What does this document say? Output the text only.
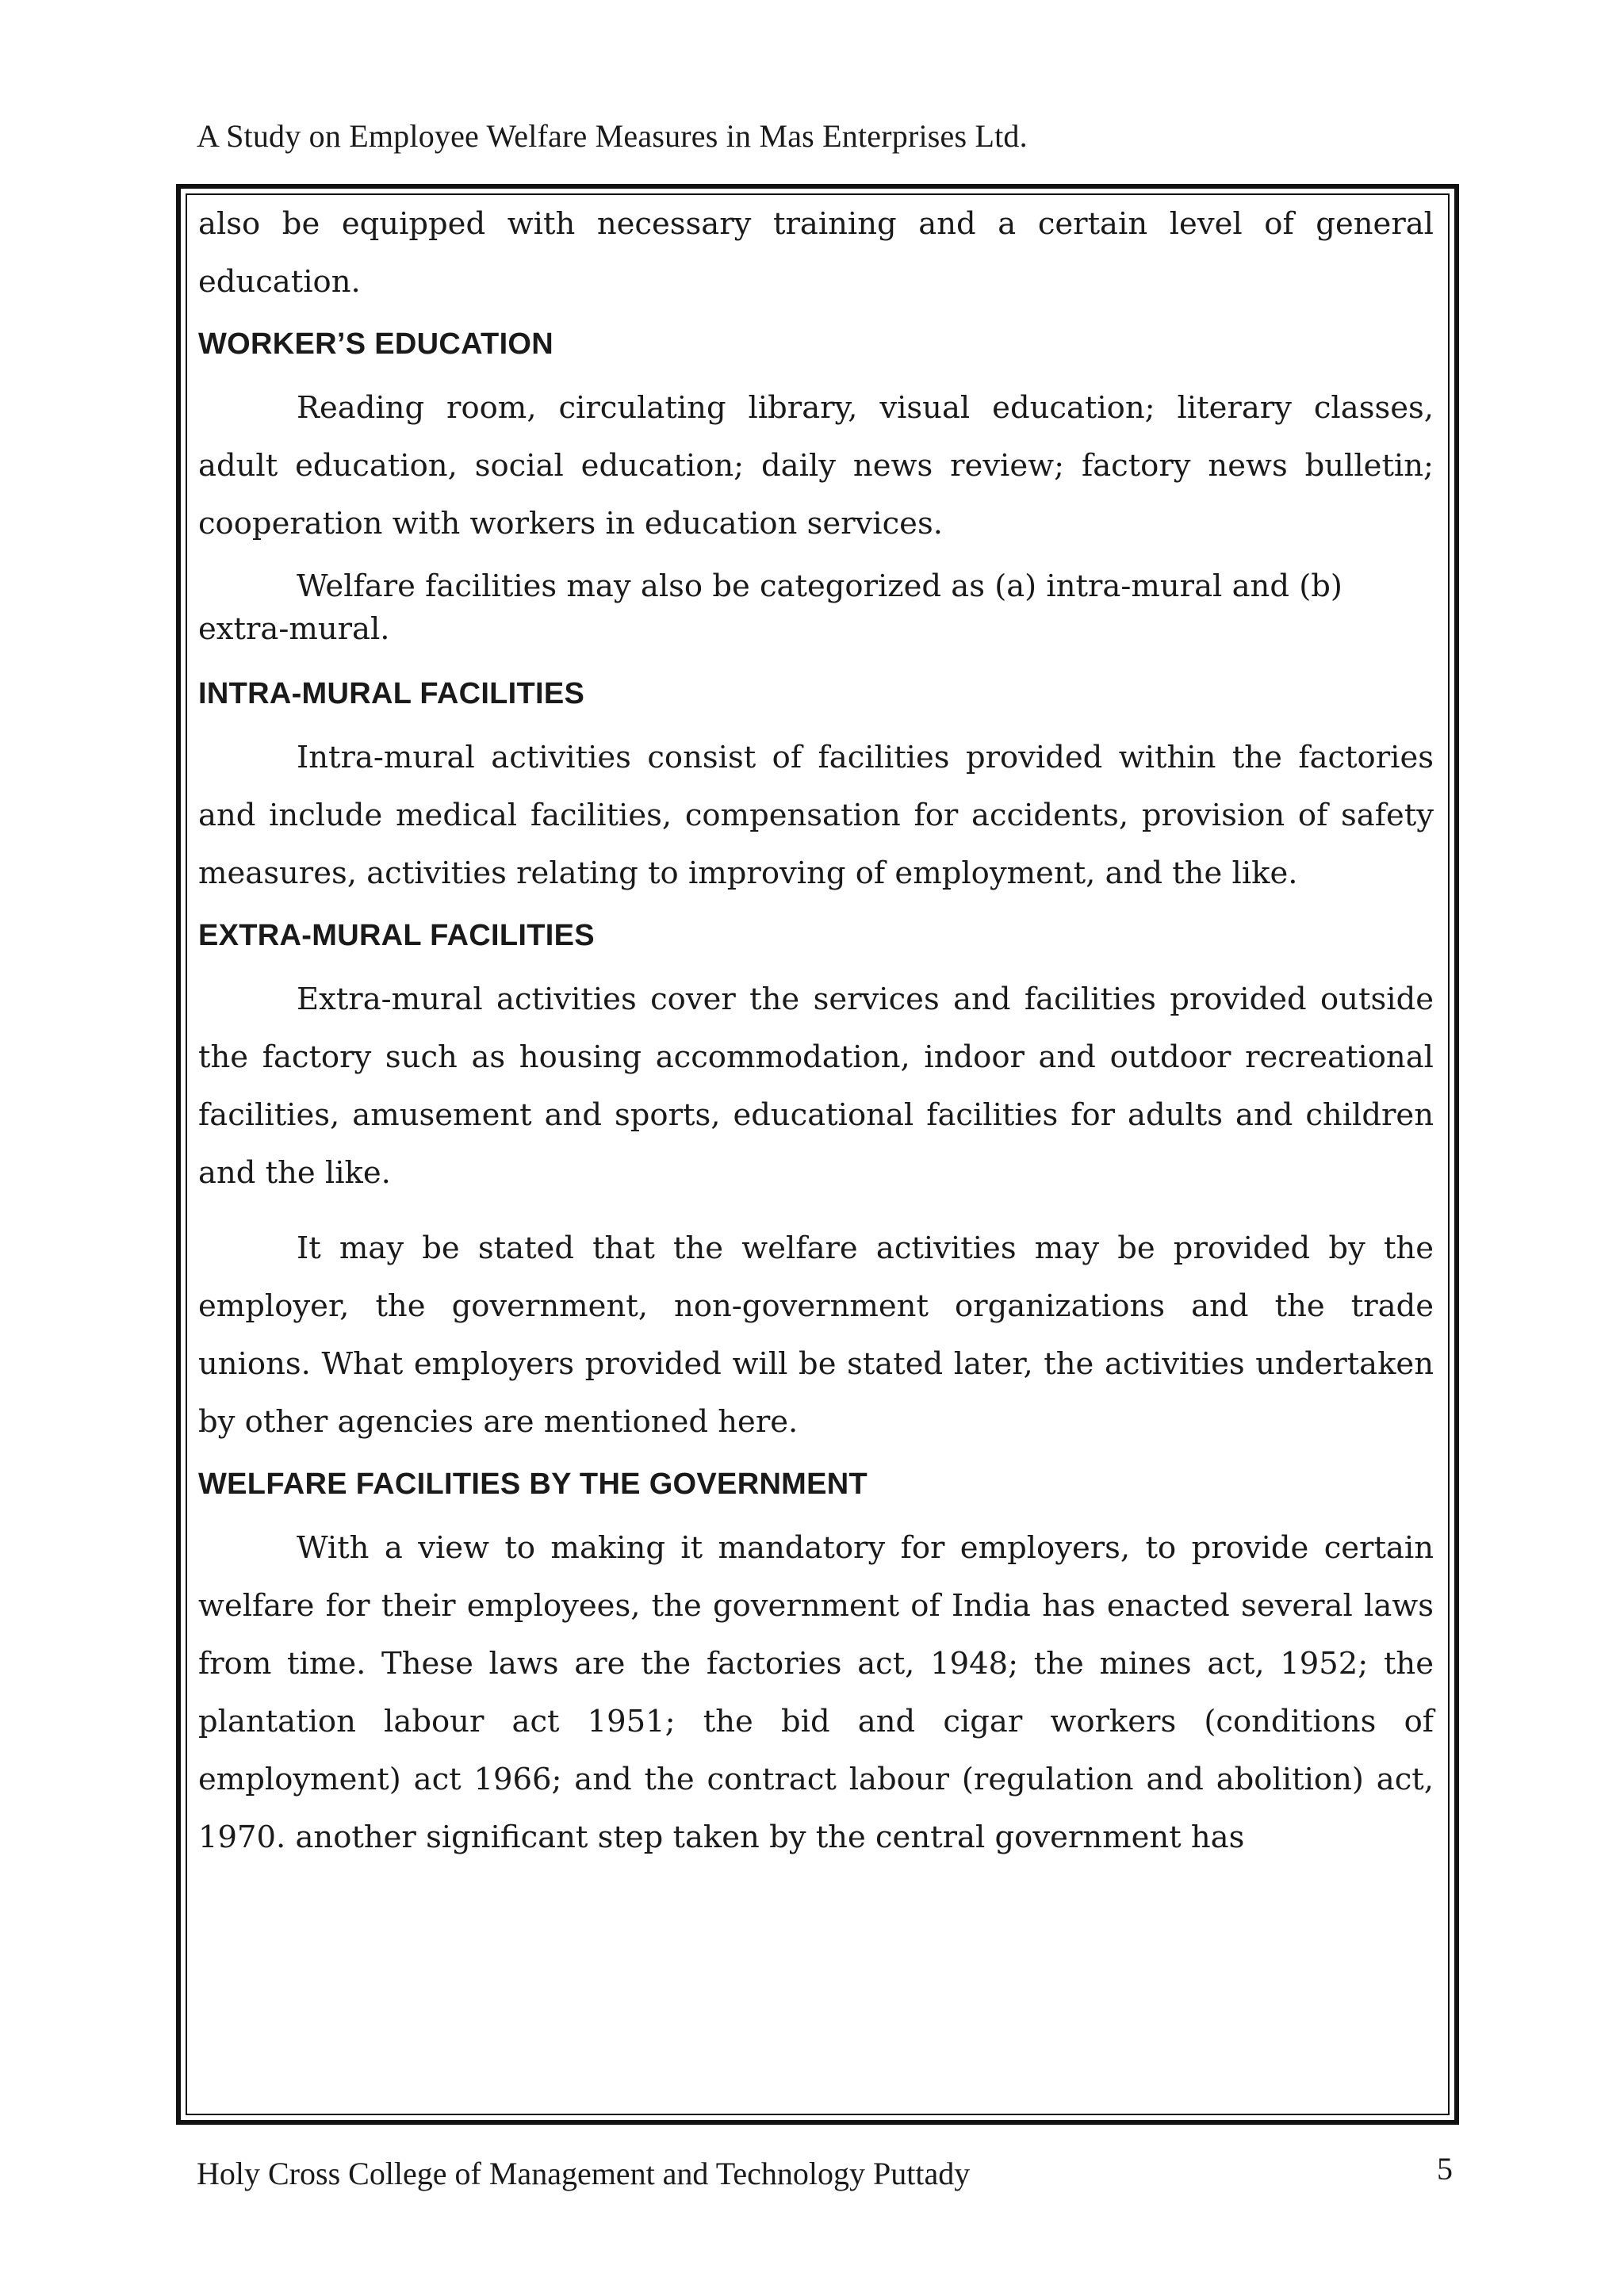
A Study on Employee Welfare Measures in Mas Enterprises Ltd.

also be equipped with necessary training and a certain level of general education.

WORKER’S EDUCATION

Reading room, circulating library, visual education; literary classes, adult education, social education; daily news review; factory news bulletin; cooperation with workers in education services.

Welfare facilities may also be categorized as (a) intra-mural and (b) extra-mural.

INTRA-MURAL FACILITIES

Intra-mural activities consist of facilities provided within the factories and include medical facilities, compensation for accidents, provision of safety measures, activities relating to improving of employment, and the like.

EXTRA-MURAL FACILITIES

Extra-mural activities cover the services and facilities provided outside the factory such as housing accommodation, indoor and outdoor recreational facilities, amusement and sports, educational facilities for adults and children and the like.

It may be stated that the welfare activities may be provided by the employer, the government, non-government organizations and the trade unions. What employers provided will be stated later, the activities undertaken by other agencies are mentioned here.

WELFARE FACILITIES BY THE GOVERNMENT

With a view to making it mandatory for employers, to provide certain welfare for their employees, the government of India has enacted several laws from time. These laws are the factories act, 1948; the mines act, 1952; the plantation labour act 1951; the bid and cigar workers (conditions of employment) act 1966; and the contract labour (regulation and abolition) act, 1970. another significant step taken by the central government has

Holy Cross College of Management and Technology Puttady	5
